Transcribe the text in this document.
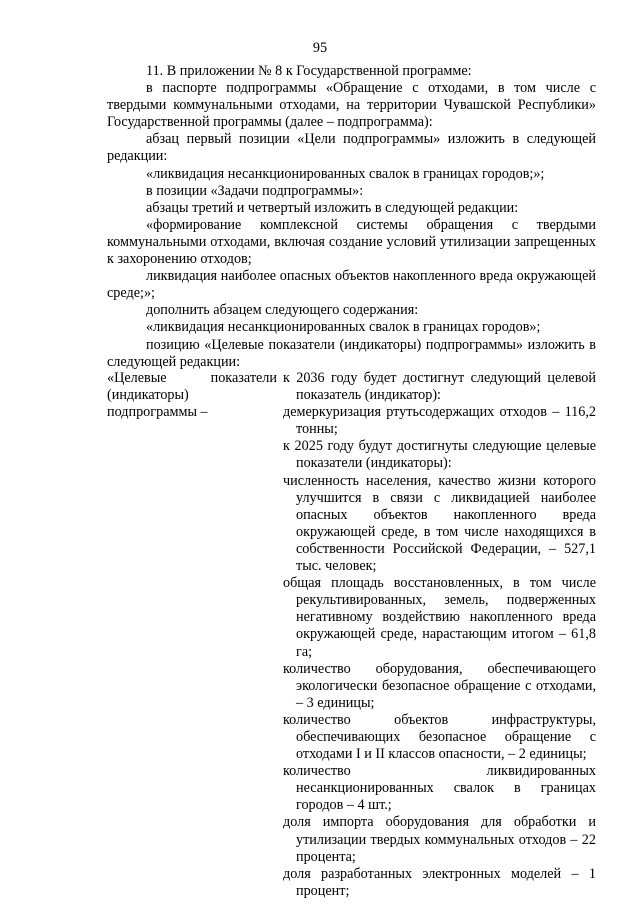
95

11. В приложении № 8 к Государственной программе:

в паспорте подпрограммы «Обращение с отходами, в том числе с твердыми коммунальными отходами, на территории Чувашской Республики» Государственной программы (далее – подпрограмма):

абзац первый позиции «Цели подпрограммы» изложить в следующей редакции:

«ликвидация несанкционированных свалок в границах городов;»;

в позиции «Задачи подпрограммы»:

абзацы третий и четвертый изложить в следующей редакции:

«формирование комплексной системы обращения с твердыми коммунальными отходами, включая создание условий утилизации запрещенных к захоронению отходов;

ликвидация наиболее опасных объектов накопленного вреда окружающей среде;»;

дополнить абзацем следующего содержания:

«ликвидация несанкционированных свалок в границах городов»;

позицию «Целевые показатели (индикаторы) подпрограммы» изложить в следующей редакции:

«Целевые показатели (индикаторы) подпрограммы –

к 2036 году будет достигнут следующий целевой показатель (индикатор):

демеркуризация ртутьсодержащих отходов – 116,2 тонны;

к 2025 году будут достигнуты следующие целевые показатели (индикаторы):

численность населения, качество жизни которого улучшится в связи с ликвидацией наиболее опасных объектов накопленного вреда окружающей среде, в том числе находящихся в собственности Российской Федерации, – 527,1 тыс. человек;

общая площадь восстановленных, в том числе рекультивированных, земель, подверженных негативному воздействию накопленного вреда окружающей среде, нарастающим итогом – 61,8 га;

количество оборудования, обеспечивающего экологически безопасное обращение с отходами, – 3 единицы;

количество объектов инфраструктуры, обеспечивающих безопасное обращение с отходами I и II классов опасности, – 2 единицы;

количество ликвидированных несанкционированных свалок в границах городов – 4 шт.;

доля импорта оборудования для обработки и утилизации твердых коммунальных отходов – 22 процента;

доля разработанных электронных моделей – 1 процент;
